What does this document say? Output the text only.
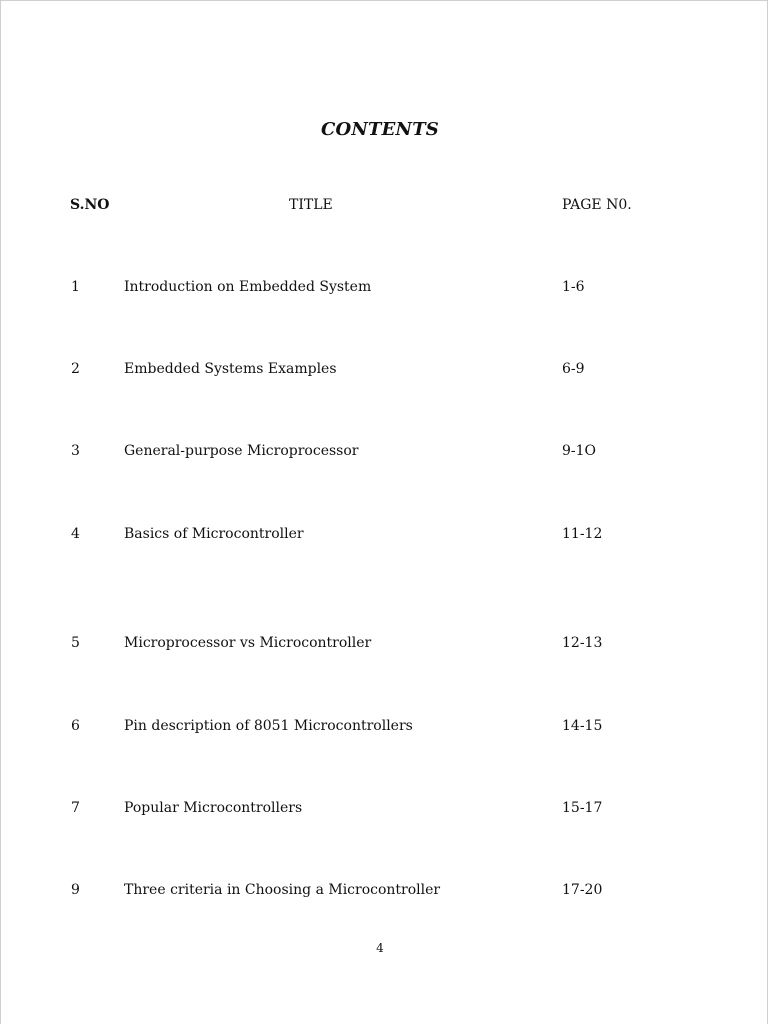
CONTENTS
S.NO	TITLE	PAGE N0.
1	Introduction on Embedded System	1-6
2	Embedded Systems Examples	6-9
3	General-purpose Microprocessor	9-1O
4	Basics of Microcontroller	11-12
5	Microprocessor vs Microcontroller	12-13
6	Pin description of 8051 Microcontrollers	14-15
7	Popular Microcontrollers	15-17
9	Three criteria in Choosing a Microcontroller	17-20
4
